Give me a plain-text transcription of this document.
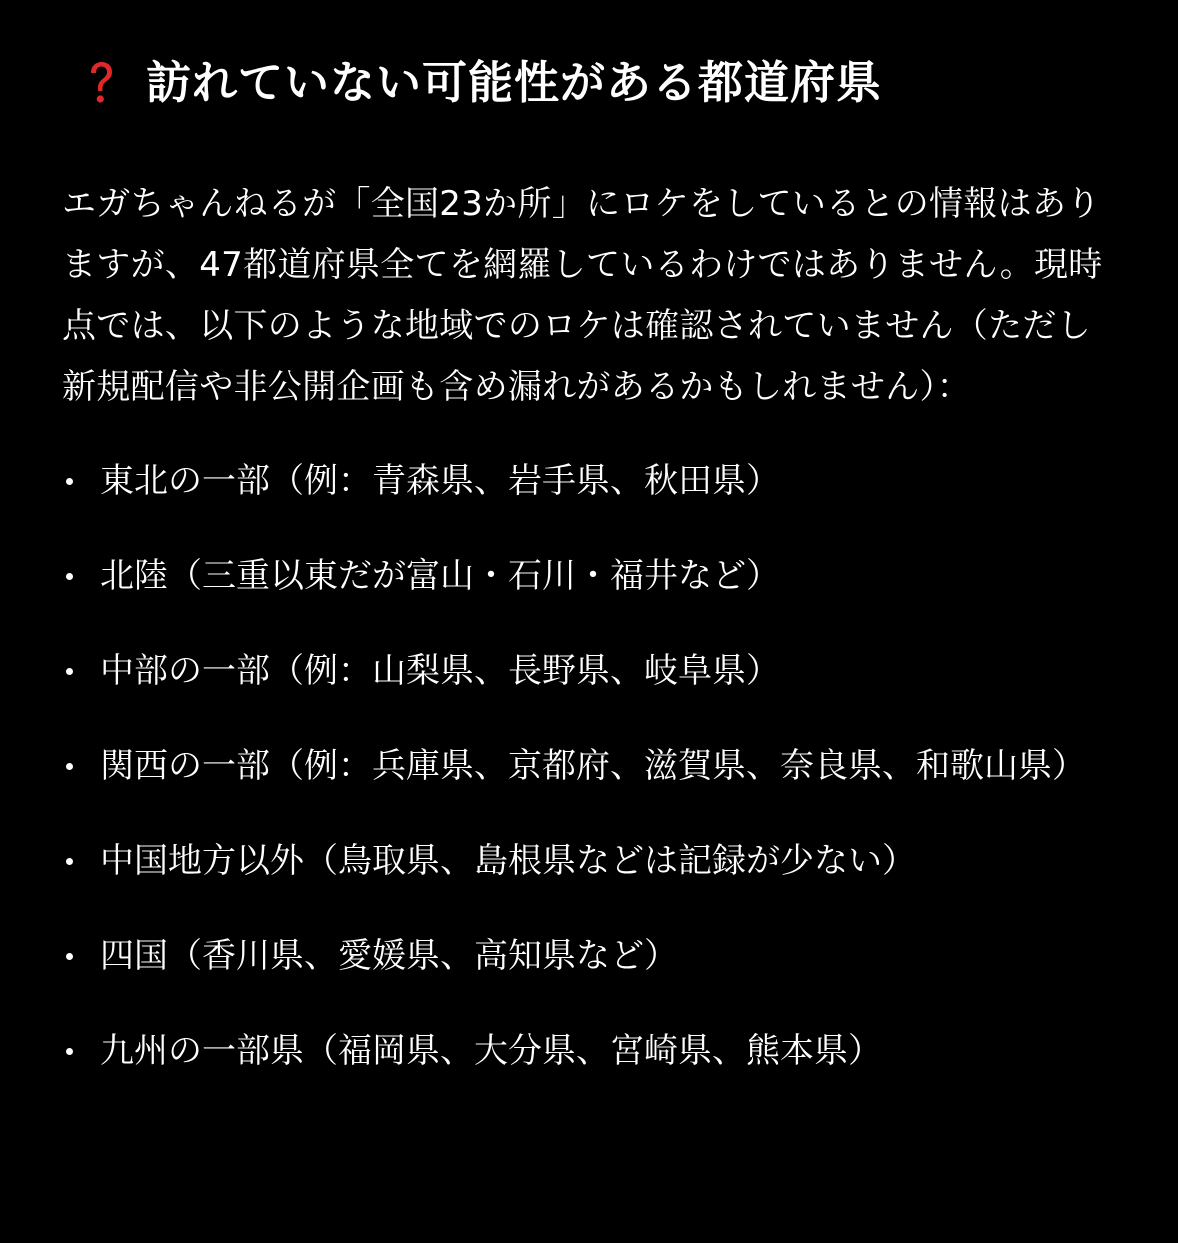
訪れていない可能性がある都道府県

エガちゃんねるが「全国23か所」にロケをしているとの情報はありますが、47都道府県全てを網羅しているわけではありません。現時点では、以下のような地域でのロケは確認されていません（ただし新規配信や非公開企画も含め漏れがあるかもしれません）：

東北の一部（例：青森県、岩手県、秋田県）
北陸（三重以東だが富山・石川・福井など）
中部の一部（例：山梨県、長野県、岐阜県）
関西の一部（例：兵庫県、京都府、滋賀県、奈良県、和歌山県）
中国地方以外（鳥取県、島根県などは記録が少ない）
四国（香川県、愛媛県、高知県など）
九州の一部県（福岡県、大分県、宮崎県、熊本県）
